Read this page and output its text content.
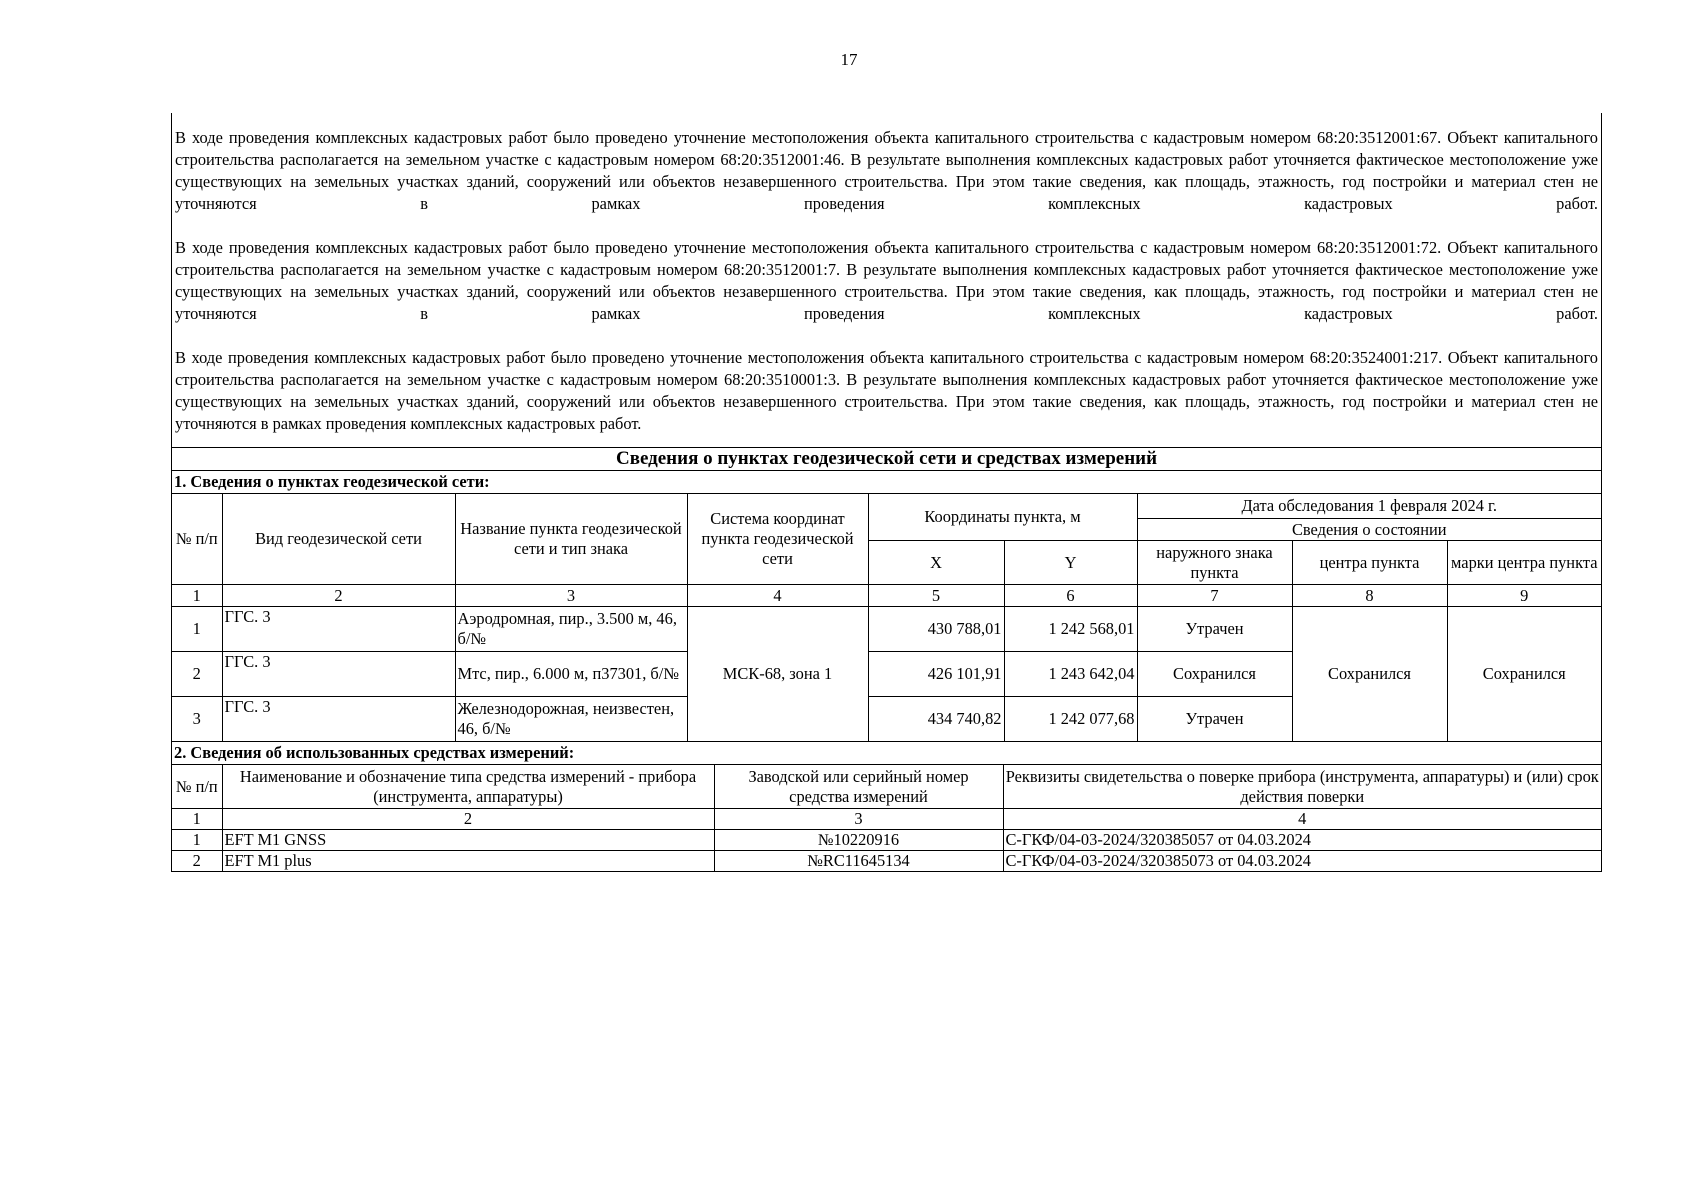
17

В ходе проведения комплексных кадастровых работ было проведено уточнение местоположения объекта капитального строительства с кадастровым номером 68:20:3512001:67. Объект капитального строительства располагается на земельном участке с кадастровым номером 68:20:3512001:46. В результате выполнения комплексных кадастровых работ уточняется фактическое местоположение уже существующих на земельных участках зданий, сооружений или объектов незавершенного строительства. При этом такие сведения, как площадь, этажность, год постройки и материал стен не уточняются в рамках проведения комплексных кадастровых работ.

В ходе проведения комплексных кадастровых работ было проведено уточнение местоположения объекта капитального строительства с кадастровым номером 68:20:3512001:72. Объект капитального строительства располагается на земельном участке с кадастровым номером 68:20:3512001:7. В результате выполнения комплексных кадастровых работ уточняется фактическое местоположение уже существующих на земельных участках зданий, сооружений или объектов незавершенного строительства. При этом такие сведения, как площадь, этажность, год постройки и материал стен не уточняются в рамках проведения комплексных кадастровых работ.

В ходе проведения комплексных кадастровых работ было проведено уточнение местоположения объекта капитального строительства с кадастровым номером 68:20:3524001:217. Объект капитального строительства располагается на земельном участке с кадастровым номером 68:20:3510001:3. В результате выполнения комплексных кадастровых работ уточняется фактическое местоположение уже существующих на земельных участках зданий, сооружений или объектов незавершенного строительства. При этом такие сведения, как площадь, этажность, год постройки и материал стен не уточняются в рамках проведения комплексных кадастровых работ.

Сведения о пунктах геодезической сети и средствах измерений								
1. Сведения о пунктах геодезической сети:								
№ п/п	Вид геодезической сети	Название пункта геодезической сети и тип знака	Система координат пункта геодезической сети	Координаты пункта, м		Дата обследования 1 февраля 2024 г.		
						Сведения о состоянии		
				X	Y	наружного знака пункта	центра пункта	марки центра пункта
1	2	3	4	5	6	7	8	9
1	ГГС. 3	Аэродромная, пир., 3.500 м, 46, б/№	МСК-68, зона 1	430 788,01	1 242 568,01	Утрачен	Сохранился	Сохранился
2	ГГС. 3	Мтс, пир., 6.000 м, п37301, б/№		426 101,91	1 243 642,04	Сохранился		
3	ГГС. 3	Железнодорожная, неизвестен, 46, б/№		434 740,82	1 242 077,68	Утрачен		
2. Сведения об использованных средствах измерений:			
№ п/п	Наименование и обозначение типа средства измерений - прибора (инструмента, аппаратуры)	Заводской или серийный номер средства измерений	Реквизиты свидетельства о поверке прибора (инструмента, аппаратуры) и (или) срок действия поверки
1	2	3	4
1	EFT M1 GNSS	№10220916	С-ГКФ/04-03-2024/320385057 от 04.03.2024
2	EFT M1 plus	№RC11645134	С-ГКФ/04-03-2024/320385073 от 04.03.2024
